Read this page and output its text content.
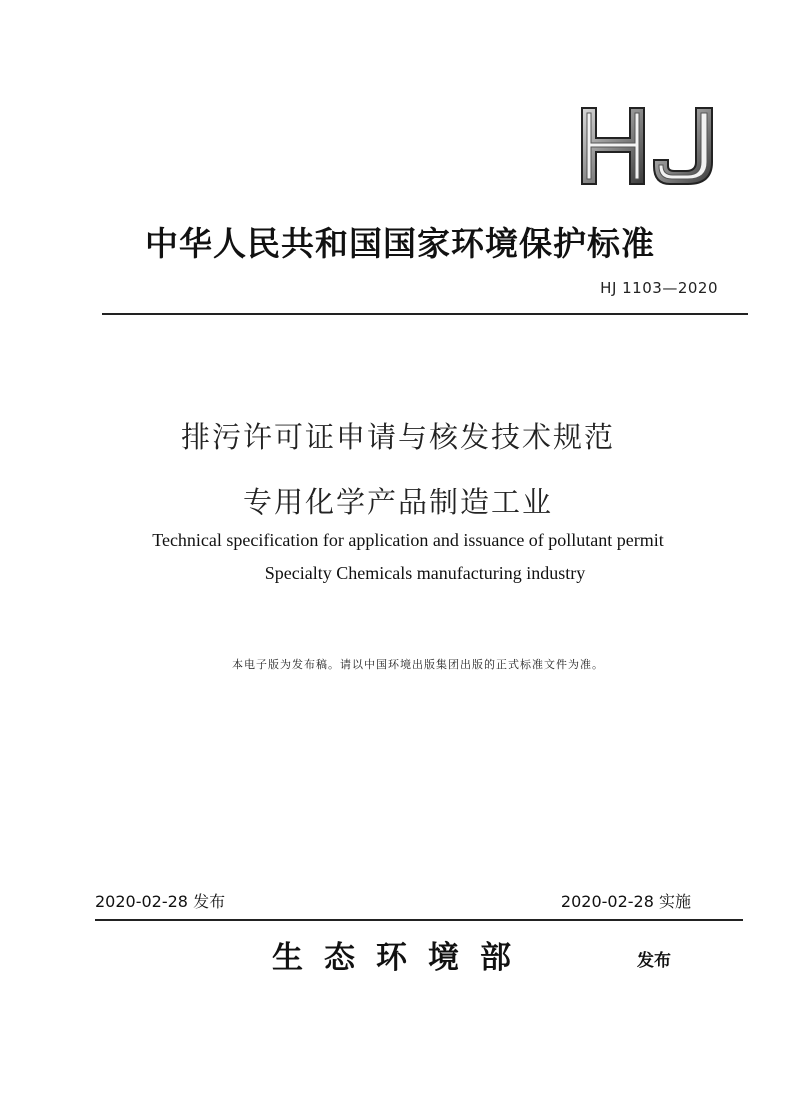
中华人民共和国国家环境保护标准
HJ 1103—2020
排污许可证申请与核发技术规范
专用化学产品制造工业
Technical specification for application and issuance of pollutant permit
Specialty Chemicals manufacturing industry
本电子版为发布稿。请以中国环境出版集团出版的正式标准文件为准。
2020-02-28 发布	2020-02-28 实施
生态环境部	发布
